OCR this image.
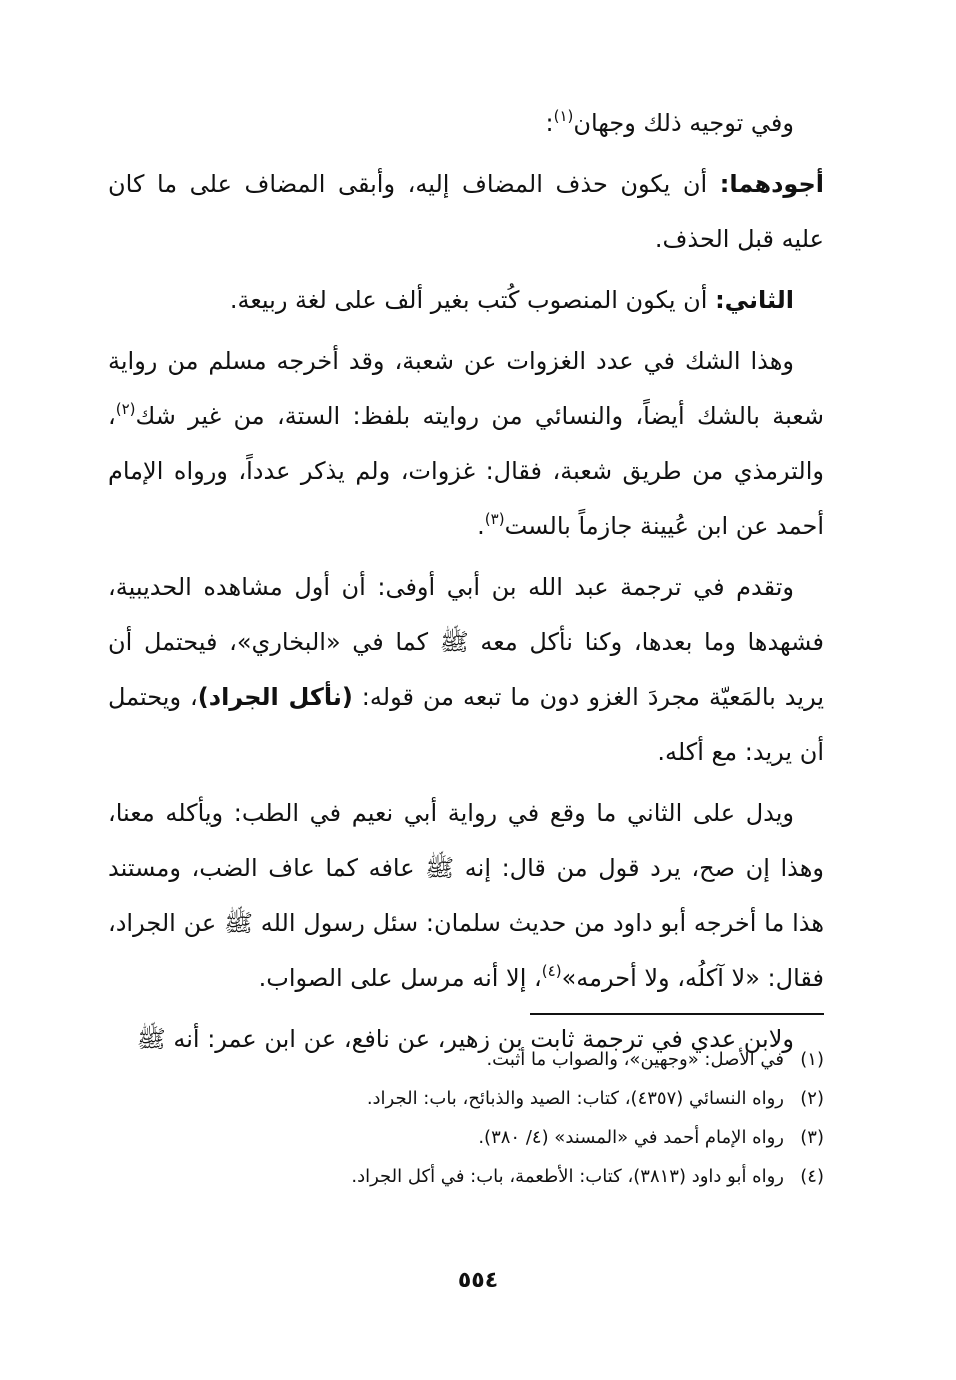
وفي توجيه ذلك وجهان$^{(١)}$:

أجودهما: أن يكون حذف المضاف إليه، وأبقى المضاف على ما كان عليه قبل الحذف.

الثاني: أن يكون المنصوب كُتب بغير ألف على لغة ربيعة.

وهذا الشك في عدد الغزوات عن شعبة، وقد أخرجه مسلم من رواية شعبة بالشك أيضاً، والنسائي من روايته بلفظ: الستة، من غير شك$^{(٢)}$، والترمذي من طريق شعبة، فقال: غزوات، ولم يذكر عدداً، ورواه الإمام أحمد عن ابن عُيينة جازماً بالست$^{(٣)}$.

وتقدم في ترجمة عبد الله بن أبي أوفى: أن أول مشاهده الحديبية، فشهدها وما بعدها، وكنا نأكل معه ﷺ كما في «البخاري»، فيحتمل أن يريد بالمَعيّة مجردَ الغزو دون ما تبعه من قوله: (نأكل الجراد)، ويحتمل أن يريد: مع أكله.

ويدل على الثاني ما وقع في رواية أبي نعيم في الطب: ويأكله معنا، وهذا إن صح، يرد قول من قال: إنه ﷺ عافه كما عاف الضب، ومستند هذا ما أخرجه أبو داود من حديث سلمان: سئل رسول الله ﷺ عن الجراد، فقال: «لا آكلُه، ولا أحرمه»$^{(٤)}$، إلا أنه مرسل على الصواب.

ولابن عدي في ترجمة ثابت بن زهير، عن نافع، عن ابن عمر: أنه ﷺ

(١)
في الأصل: «وجهين»، والصواب ما أثبت.

(٢)
رواه النسائي (٤٣٥٧)، كتاب: الصيد والذبائح، باب: الجراد.

(٣)
رواه الإمام أحمد في «المسند» (٤/ ٣٨٠).

(٤)
رواه أبو داود (٣٨١٣)، كتاب: الأطعمة، باب: في أكل الجراد.

٥٥٤
